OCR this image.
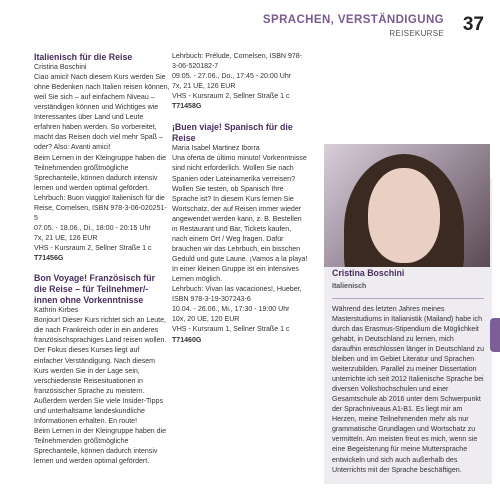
SPRACHEN, VERSTÄNDIGUNG
REISEKURSE 37
Italienisch für die Reise

Cristina Boschini

Ciao amici! Nach diesem Kurs werden Sie ohne Bedenken nach Italien reisen können, weil Sie sich – auf einfachem Niveau – verständigen können und Wichtiges wie Interessantes über Land und Leute erfahren haben werden. So vorbereitet, macht das Reisen doch viel mehr Spaß – oder? Also: Avanti amici!

Beim Lernen in der Kleingruppe haben die Teilnehmenden größtmögliche Sprechanteile, können dadurch intensiv lernen und werden optimal gefördert.

Lehrbuch: Buon viaggio! Italienisch für die Reise, Cornelsen, ISBN 978-3-06-020251-5

07.05. - 18.06., Di., 18:00 - 20:15 Uhr

7x, 21 UE, 126 EUR

VHS - Kursraum 2, Sellner Straße 1 c

T71456G

Bon Voyage! Französisch für die Reise – für Teilnehmer/-innen ohne Vorkenntnisse

Kathrin Kirbes

Bonjour! Dieser Kurs richtet sich an Leute, die nach Frankreich oder in ein anderes französischsprachiges Land reisen wollen. Der Fokus dieses Kurses liegt auf einfacher Verständigung. Nach diesem Kurs werden Sie in der Lage sein, verschiedenste Reisesituationen in französischer Sprache zu meistern. Außerdem werden Sie viele Insider-Tipps und unterhaltsame landeskundliche Informationen erhalten. En route!

Beim Lernen in der Kleingruppe haben die Teilnehmenden größtmögliche Sprechanteile, können dadurch intensiv lernen und werden optimal gefördert.

Lehrbuch: Prélude, Cornelsen, ISBN 978-3-06-520182-7

09.05. - 27.06., Do., 17:45 - 20:00 Uhr

7x, 21 UE, 126 EUR

VHS - Kursraum 2, Sellner Straße 1 c

T71458G

¡Buen viaje! Spanisch für die Reise

Maria Isabel Martinez Iborra

Una oferta de último minuto! Vorkenntnisse sind nicht erforderlich. Wollen Sie nach Spanien oder Lateinamerika verreisen? Wollen Sie testen, ob Spanisch Ihre Sprache ist? In diesem Kurs lernen Sie Wortschatz, der auf Reisen immer wieder angewendet werden kann, z. B. Bestellen in Restaurant und Bar, Tickets kaufen, nach einem Ort / Weg fragen. Dafür brauchen wir das Lehrbuch, ein bisschen Geduld und gute Laune. ¡Vamos a la playa! In einer kleinen Gruppe ist ein intensives Lernen möglich.

Lehrbuch: Vivan las vacaciones!, Hueber, ISBN 978-3-19-307243-6

10.04. - 26.06., Mi., 17:30 - 19:00 Uhr

10x, 20 UE, 120 EUR

VHS - Kursraum 1, Sellner Straße 1 c

T71460G

Cristina Boschini

Italienisch

Während des letzten Jahres meines Masterstudiums in Italianistik (Mailand) habe ich durch das Erasmus-Stipendium die Möglichkeit gehabt, in Deutschland zu lernen, mich daraufhin entschlossen länger in Deutschland zu bleiben und im Gebiet Literatur und Sprachen weiterzubilden. Parallel zu meiner Dissertation unterrichte ich seit 2012 Italienische Sprache bei diversen Volkshochschulen und einer Gesamtschule ab 2016 unter dem Schwerpunkt der Sprachniveaus A1-B1. Es liegt mir am Herzen, meine Teilnehmenden mehr als nur grammatische Grundlagen und Wortschatz zu vermitteln. Am meisten freut es mich, wenn sie eine Begeisterung für meine Muttersprache entwickeln und sich auch außerhalb des Unterrichts mit der Sprache beschäftigen.
